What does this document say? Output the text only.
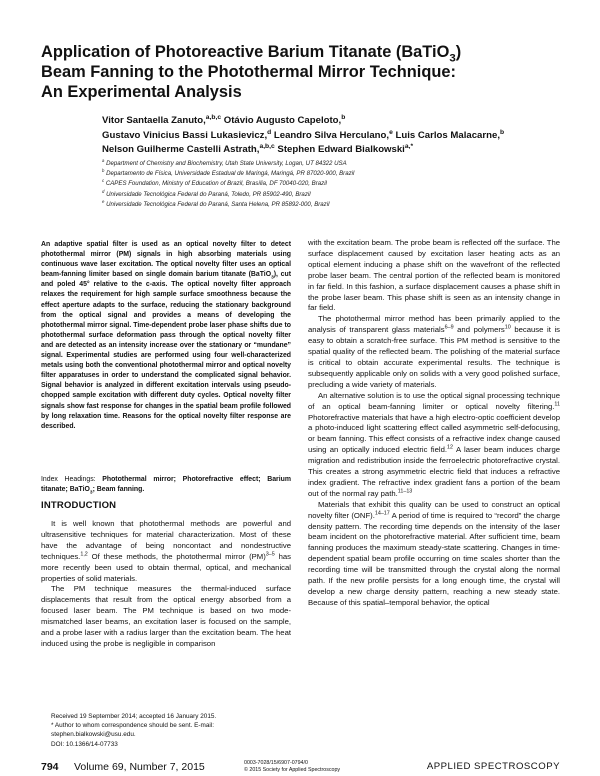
Application of Photoreactive Barium Titanate (BaTiO$_3$)
Beam Fanning to the Photothermal Mirror Technique:
An Experimental Analysis
Vitor Santaella Zanuto,$^{a,b,c}$ Otávio Augusto Capeloto,$^b$
Gustavo Vinicius Bassi Lukasievicz,$^d$ Leandro Silva Herculano,$^e$ Luis Carlos Malacarne,$^b$
Nelson Guilherme Castelli Astrath,$^{a,b,c}$ Stephen Edward Bialkowski$^{a,*}$
$^a$ Department of Chemistry and Biochemistry, Utah State University, Logan, UT 84322 USA
$^b$ Departamento de Física, Universidade Estadual de Maringá, Maringá, PR 87020-900, Brazil
$^c$ CAPES Foundation, Ministry of Education of Brazil, Brasília, DF 70040-020, Brazil
$^d$ Universidade Tecnológica Federal do Paraná, Toledo, PR 85902-490, Brazil
$^e$ Universidade Tecnológica Federal do Paraná, Santa Helena, PR 85892-000, Brazil
An adaptive spatial filter is used as an optical novelty filter to detect photothermal mirror (PM) signals in high absorbing materials using continuous wave laser excitation. The optical novelty filter uses an optical beam-fanning limiter based on single domain barium titanate (BaTiO$_3$), cut and poled 45° relative to the c-axis. The optical novelty filter approach relaxes the requirement for high sample surface smoothness because the effect aperture adapts to the surface, reducing the stationary background from the optical signal and provides a means of developing the photothermal mirror signal. Time-dependent probe laser phase shifts due to photothermal surface deformation pass through the optical novelty filter and are detected as an intensity increase over the stationary or “mundane” signal. Experimental studies are performed using four well-characterized metals using both the conventional photothermal mirror and optical novelty filter apparatuses in order to understand the complicated signal behavior. Signal behavior is analyzed in different excitation intervals using pseudo-chopped sample excitation with different duty cycles. Optical novelty filter signals show fast response for changes in the spatial beam profile followed by long relaxation time. Reasons for the optical novelty filter response are described.
Index Headings: Photothermal mirror; Photorefractive effect; Barium titanate; BaTiO$_3$; Beam fanning.
INTRODUCTION

It is well known that photothermal methods are powerful and ultrasensitive techniques for material characterization. Most of these have the advantage of being noncontact and nondestructive techniques.$^{1,2}$ Of these methods, the photothermal mirror (PM)$^{3-5}$ has more recently been used to obtain thermal, optical, and mechanical properties of solid materials.

The PM technique measures the thermal-induced surface displacements that result from the optical energy absorbed from a focused laser beam. The PM technique is based on two mode-mismatched laser beams, an excitation laser is focused on the sample, and a probe laser with a radius larger than the excitation beam. The heat induced using the probe is negligible in comparison

with the excitation beam. The probe beam is reflected off the surface. The surface displacement caused by excitation laser heating acts as an optical element inducing a phase shift on the wavefront of the reflected probe laser beam. The central portion of the reflected beam is monitored in far field. In this fashion, a surface displacement causes a phase shift in the probe laser beam. This phase shift is seen as an intensity change in far field.

The photothermal mirror method has been primarily applied to the analysis of transparent glass materials$^{6-9}$ and polymers$^{10}$ because it is easy to obtain a scratch-free surface. This PM method is sensitive to the spatial quality of the reflected beam. The polishing of the material surface is critical to obtain accurate experimental results. The technique is subsequently applicable only on solids with a very good polished surface, precluding a wide variety of materials.

An alternative solution is to use the optical signal processing technique of an optical beam-fanning limiter or optical novelty filtering.$^{11}$ Photorefractive materials that have a high electro-optic coefficient develop a photo-induced light scattering effect called asymmetric self-defocusing, or beam fanning. This effect consists of a refractive index change caused using an optically induced electric field.$^{12}$ A laser beam induces charge migration and redistribution inside the ferroelectric photorefractive crystal. This creates a strong asymmetric electric field that induces a refractive index gradient. The refractive index gradient fans a portion of the beam out of the normal ray path.$^{11-13}$

Materials that exhibit this quality can be used to construct an optical novelty filter (ONF).$^{14-17}$ A period of time is required to “record” the charge density pattern. The recording time depends on the intensity of the laser beam incident on the photorefractive material. After sufficient time, beam fanning produces the maximum steady-state scattering. Changes in time-dependent spatial beam profile occurring on time scales shorter than the recording time will be transmitted through the crystal along the normal path. If the new profile persists for a long enough time, the crystal will develop a new charge density pattern, reaching a new steady state. Because of this spatial–temporal behavior, the optical

Received 19 September 2014; accepted 16 January 2015.
* Author to whom correspondence should be sent. E-mail: stephen.bialkowski@usu.edu.
DOI: 10.1366/14-07733
794 Volume 69, Number 7, 2015	0003-7028/15/6907-0794/0
© 2015 Society for Applied Spectroscopy	APPLIED SPECTROSCOPY
